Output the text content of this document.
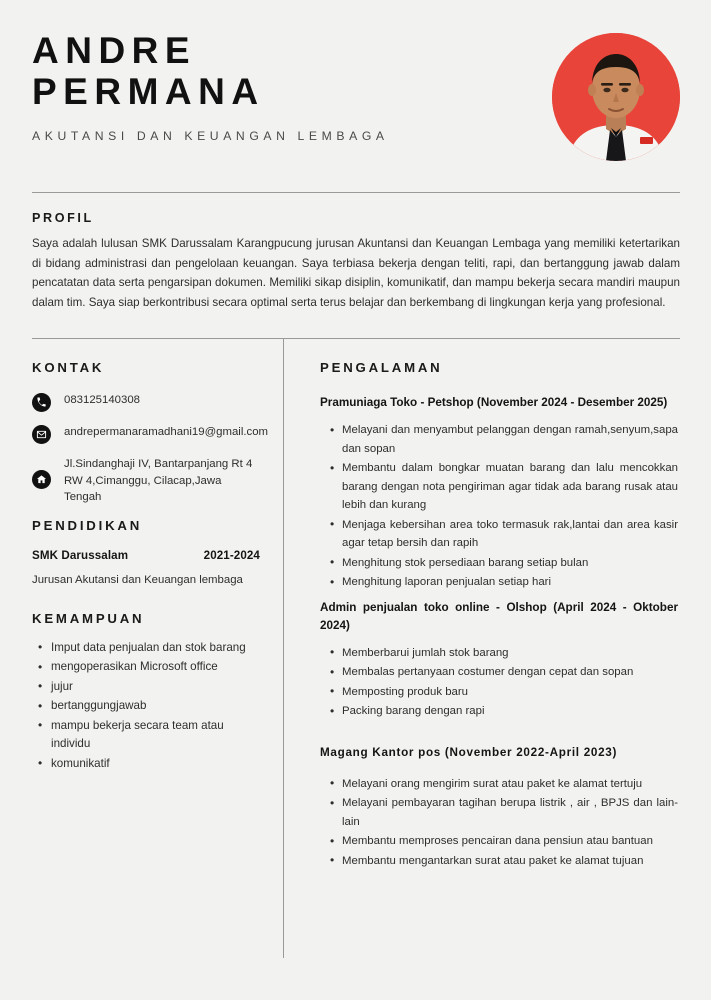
ANDRE
PERMANA
AKUTANSI DAN KEUANGAN LEMBAGA
PROFIL
Saya adalah lulusan SMK Darussalam Karangpucung jurusan Akuntansi dan Keuangan Lembaga yang memiliki ketertarikan di bidang administrasi dan pengelolaan keuangan. Saya terbiasa bekerja dengan teliti, rapi, dan bertanggung jawab dalam pencatatan data serta pengarsipan dokumen. Memiliki sikap disiplin, komunikatif, dan mampu bekerja secara mandiri maupun dalam tim. Saya siap berkontribusi secara optimal serta terus belajar dan berkembang di lingkungan kerja yang profesional.
KONTAK
083125140308
andrepermanaramadhani19@gmail.com
Jl.Sindanghaji IV, Bantarpanjang Rt 4 RW 4,Cimanggu, Cilacap,Jawa Tengah
PENDIDIKAN
SMK Darussalam	2021-2024
Jurusan Akutansi dan Keuangan lembaga
KEMAMPUAN
• Imput data penjualan dan stok barang
• mengoperasikan Microsoft office
• jujur
• bertanggungjawab
• mampu bekerja secara team atau individu
• komunikatif
PENGALAMAN
Pramuniaga Toko - Petshop (November 2024 - Desember 2025)
• Melayani dan menyambut pelanggan dengan ramah,senyum,sapa dan sopan
• Membantu dalam bongkar muatan barang dan lalu mencokkan barang dengan nota pengiriman agar tidak ada barang rusak atau lebih dan kurang
• Menjaga kebersihan area toko termasuk rak,lantai dan area kasir agar tetap bersih dan rapih
• Menghitung stok persediaan barang setiap bulan
• Menghitung laporan penjualan setiap hari
Admin penjualan toko online - Olshop (April 2024 - Oktober 2024)
• Memberbarui jumlah stok barang
• Membalas pertanyaan costumer dengan cepat dan sopan
• Memposting produk baru
• Packing barang dengan rapi
Magang Kantor pos (November 2022-April 2023)
• Melayani orang mengirim surat atau paket ke alamat tertuju
• Melayani pembayaran tagihan berupa listrik , air , BPJS dan lain-lain
• Membantu memproses pencairan dana pensiun atau bantuan
• Membantu mengantarkan surat atau paket ke alamat tujuan
